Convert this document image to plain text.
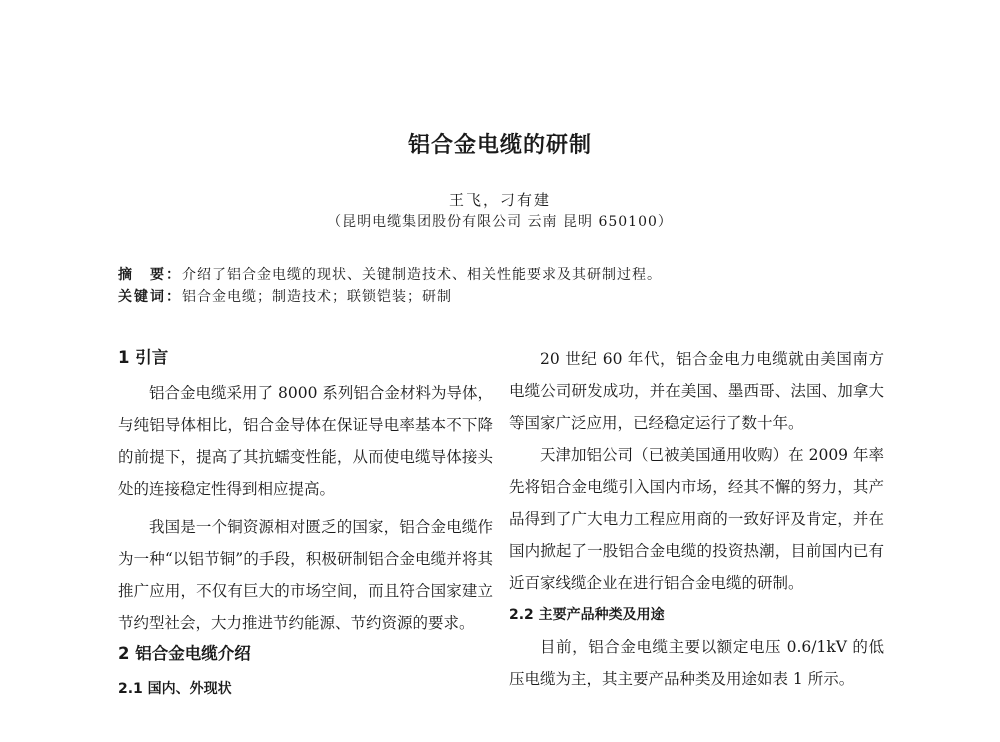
铝合金电缆的研制
王飞，刁有建
（昆明电缆集团股份有限公司 云南 昆明 650100）
摘　要：介绍了铝合金电缆的现状、关键制造技术、相关性能要求及其研制过程。
关键词：铝合金电缆；制造技术；联锁铠装；研制
1 引言

铝合金电缆采用了 8000 系列铝合金材料为导体，与纯铝导体相比，铝合金导体在保证导电率基本不下降的前提下，提高了其抗蠕变性能，从而使电缆导体接头处的连接稳定性得到相应提高。

我国是一个铜资源相对匮乏的国家，铝合金电缆作为一种“以铝节铜”的手段，积极研制铝合金电缆并将其推广应用，不仅有巨大的市场空间，而且符合国家建立节约型社会，大力推进节约能源、节约资源的要求。

2 铝合金电缆介绍
2.1 国内、外现状

20 世纪 60 年代，铝合金电力电缆就由美国南方电缆公司研发成功，并在美国、墨西哥、法国、加拿大等国家广泛应用，已经稳定运行了数十年。

天津加铝公司（已被美国通用收购）在 2009 年率先将铝合金电缆引入国内市场，经其不懈的努力，其产品得到了广大电力工程应用商的一致好评及肯定，并在国内掀起了一股铝合金电缆的投资热潮，目前国内已有近百家线缆企业在进行铝合金电缆的研制。

2.2 主要产品种类及用途

目前，铝合金电缆主要以额定电压 0.6/1kV 的低压电缆为主，其主要产品种类及用途如表 1 所示。
